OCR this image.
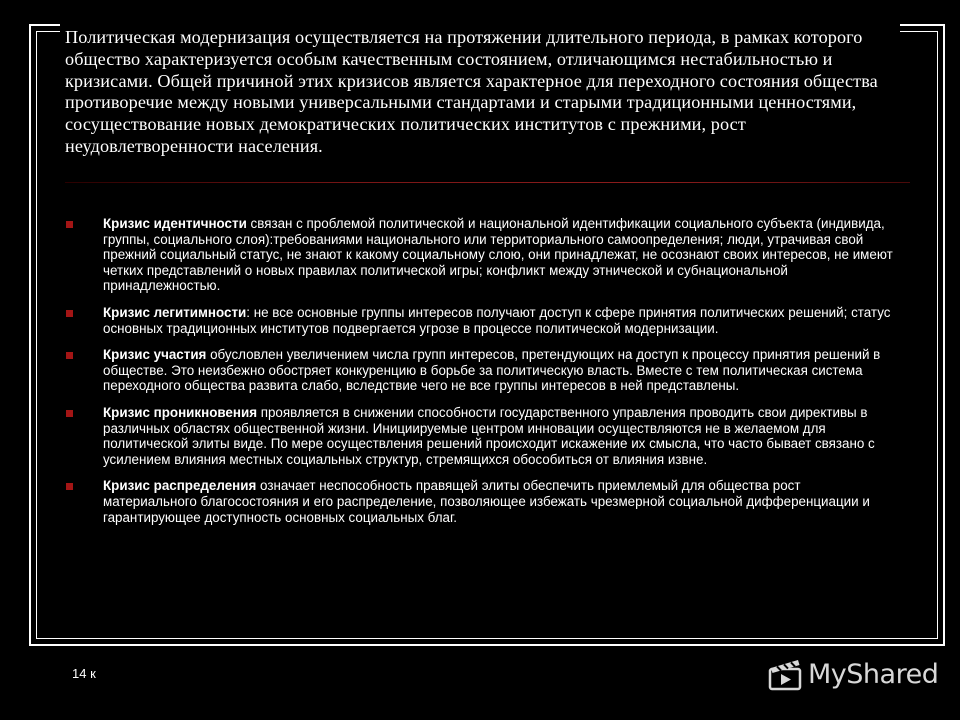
Политическая модернизация осуществляется на протяжении длительного периода, в рамках которого общество характеризуется особым качественным состоянием, отличающимся нестабильностью и кризисами. Общей причиной этих кризисов является характерное для переходного состояния общества противоречие между новыми универсальными стандартами и старыми традиционными ценностями, сосуществование новых демократических политических институтов с прежними, рост неудовлетворенности населения.

Кризис идентичности связан с проблемой политической и национальной идентификации социального субъекта (индивида, группы, социального слоя):требованиями национального или территориального самоопределения; люди, утрачивая свой прежний социальный статус, не знают к какому социальному слою, они принадлежат, не осознают своих интересов, не имеют четких представлений о новых правилах политической игры; конфликт между этнической и субнациональной принадлежностью.
Кризис легитимности: не все основные группы интересов получают доступ к сфере принятия политических решений; статус основных традиционных институтов подвергается угрозе в процессе политической модернизации.
Кризис участия обусловлен увеличением числа групп интересов, претендующих на доступ к процессу принятия решений в обществе. Это неизбежно обостряет конкуренцию в борьбе за политическую власть. Вместе с тем политическая система переходного общества развита слабо, вследствие чего не все группы интересов в ней представлены.
Кризис проникновения проявляется в снижении способности государственного управления проводить свои директивы в различных областях общественной жизни. Инициируемые центром инновации осуществляются не в желаемом для политической элиты виде. По мере осуществления решений происходит искажение их смысла, что часто бывает связано с усилением влияния местных социальных структур, стремящихся обособиться от влияния извне.
Кризис распределения означает неспособность правящей элиты обеспечить приемлемый для общества рост материального благосостояния и его распределение, позволяющее избежать чрезмерной социальной дифференциации и гарантирующее доступность основных социальных благ.
14 к	MyShared
